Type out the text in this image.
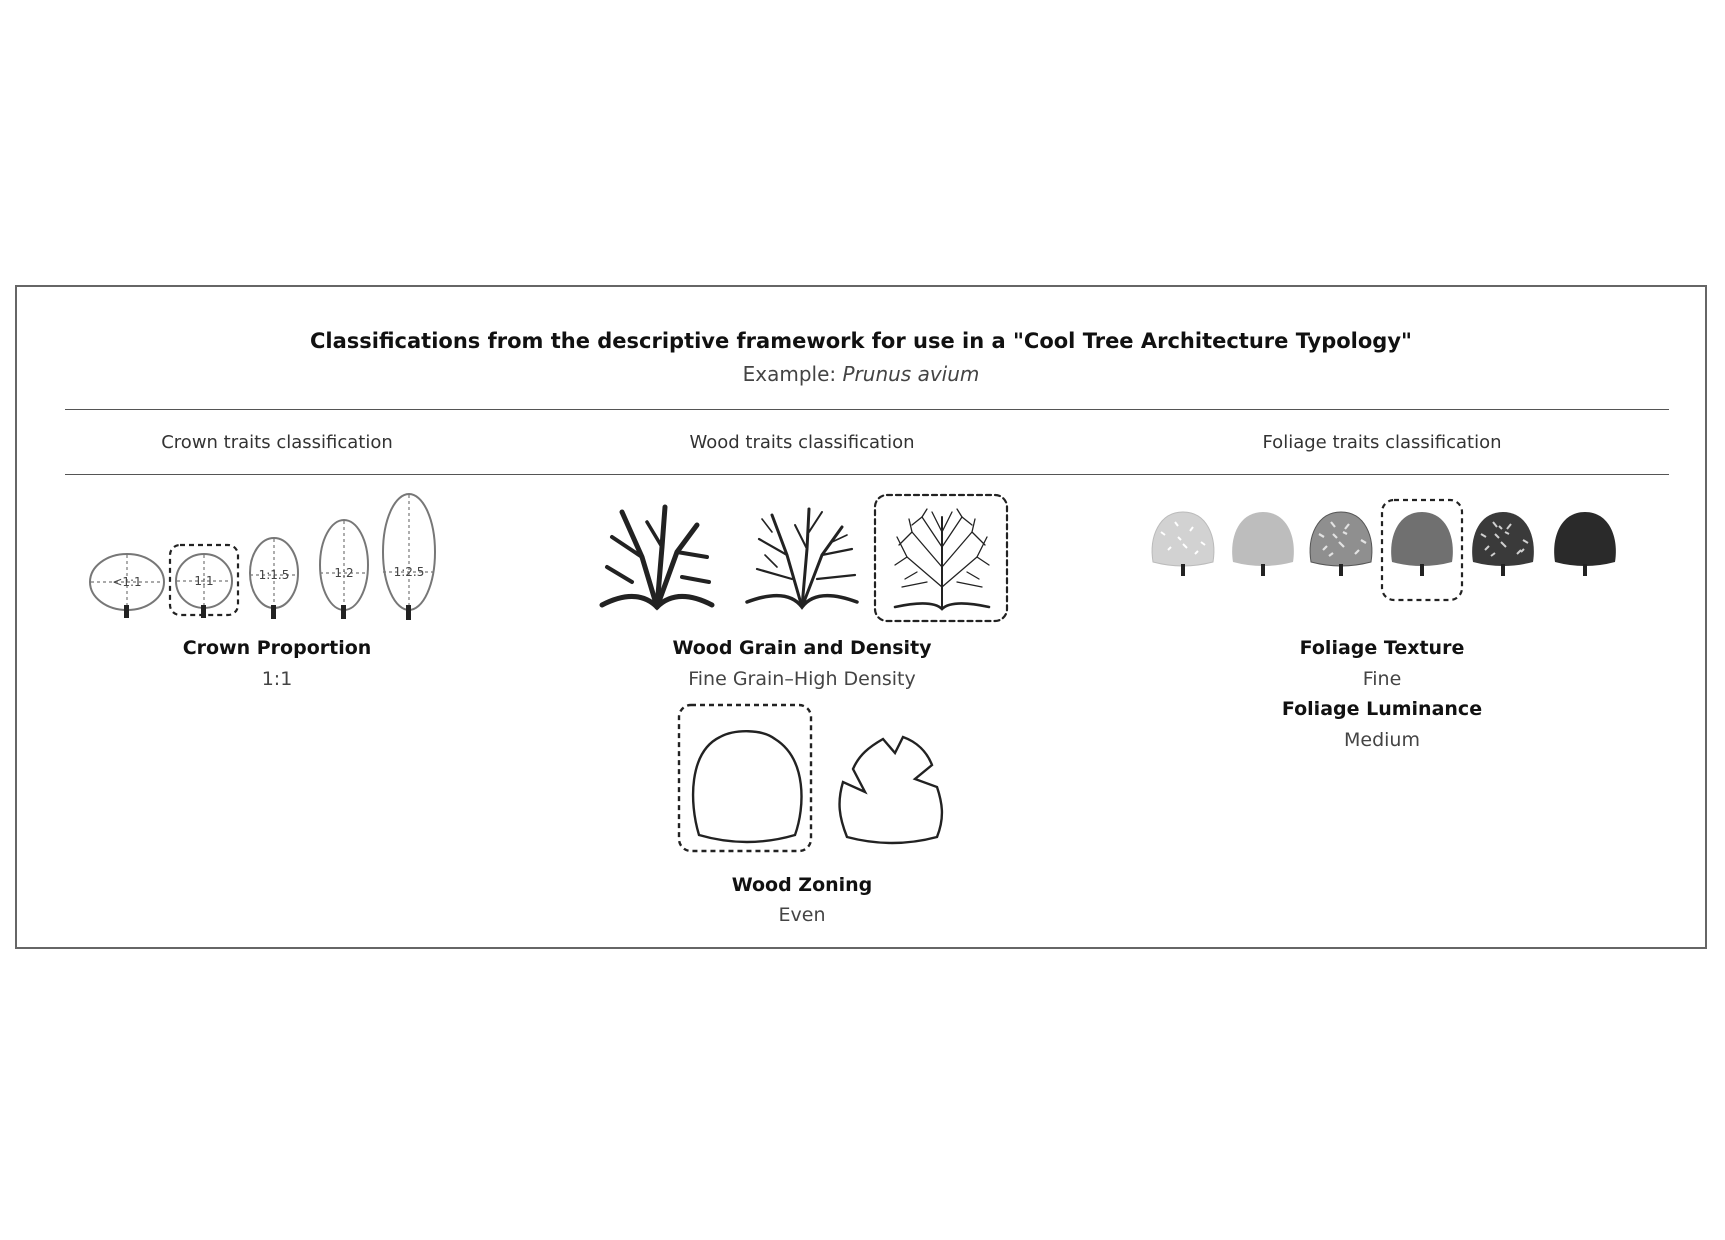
Classifications from the descriptive framework for use in a "Cool Tree Architecture Typology"
Example: Prunus avium
Crown traits classification	Wood traits classification	Foliage traits classification
<1:1	1:1	1:1.5	1:2	1:2.5
Crown Proportion
1:1
Wood Grain and Density
Fine Grain–High Density
Wood Zoning
Even
Foliage Texture
Fine
Foliage Luminance
Medium
